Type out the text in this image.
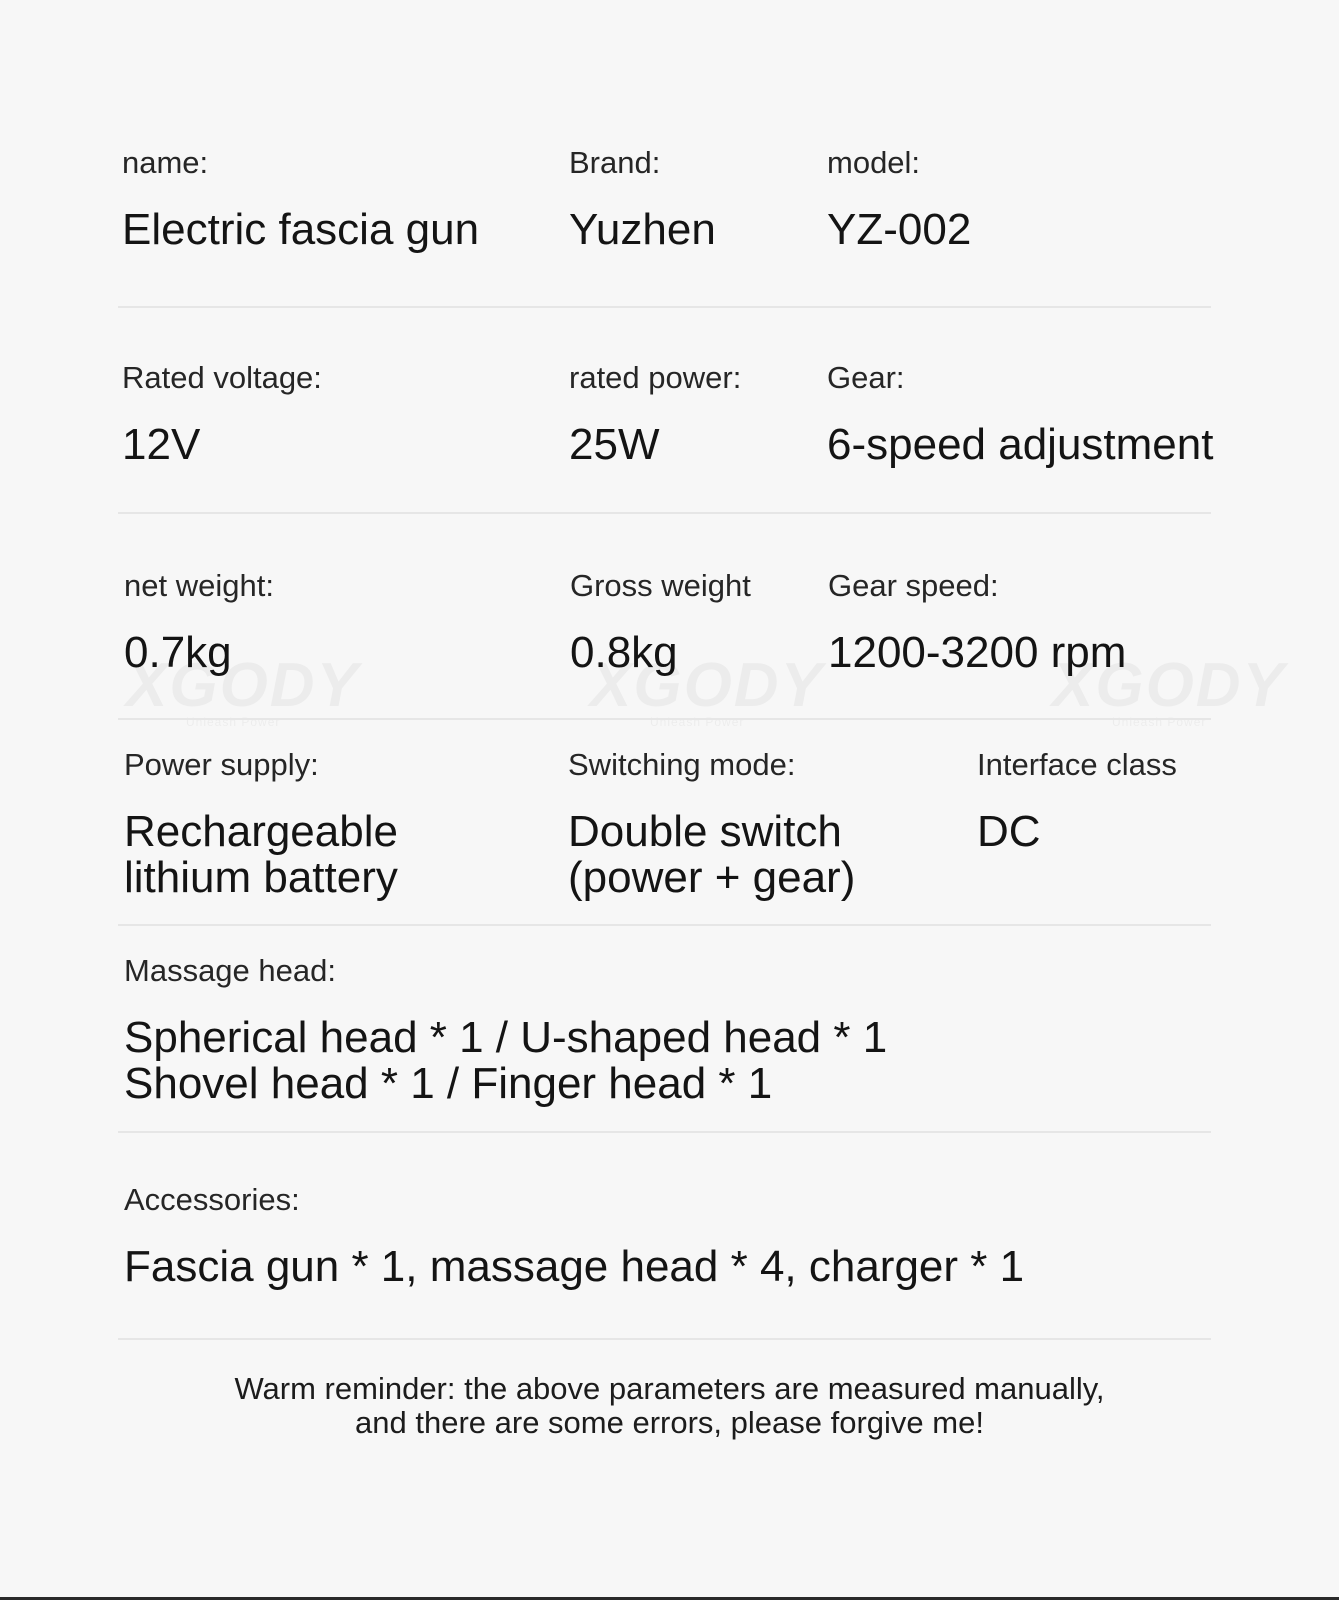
name:
Electric fascia gun
Brand:
Yuzhen
model:
YZ-002
Rated voltage:
12V
rated power:
25W
Gear:
6-speed adjustment
net weight:
0.7kg
Gross weight
0.8kg
Gear speed:
1200-3200 rpm
Power supply:
Rechargeable
lithium battery
Switching mode:
Double switch
(power + gear)
Interface class
DC
Massage head:
Spherical head * 1 / U-shaped head * 1
Shovel head * 1 / Finger head * 1
Accessories:
Fascia gun * 1, massage head * 4, charger * 1
Warm reminder: the above parameters are measured manually,
and there are some errors, please forgive me!
